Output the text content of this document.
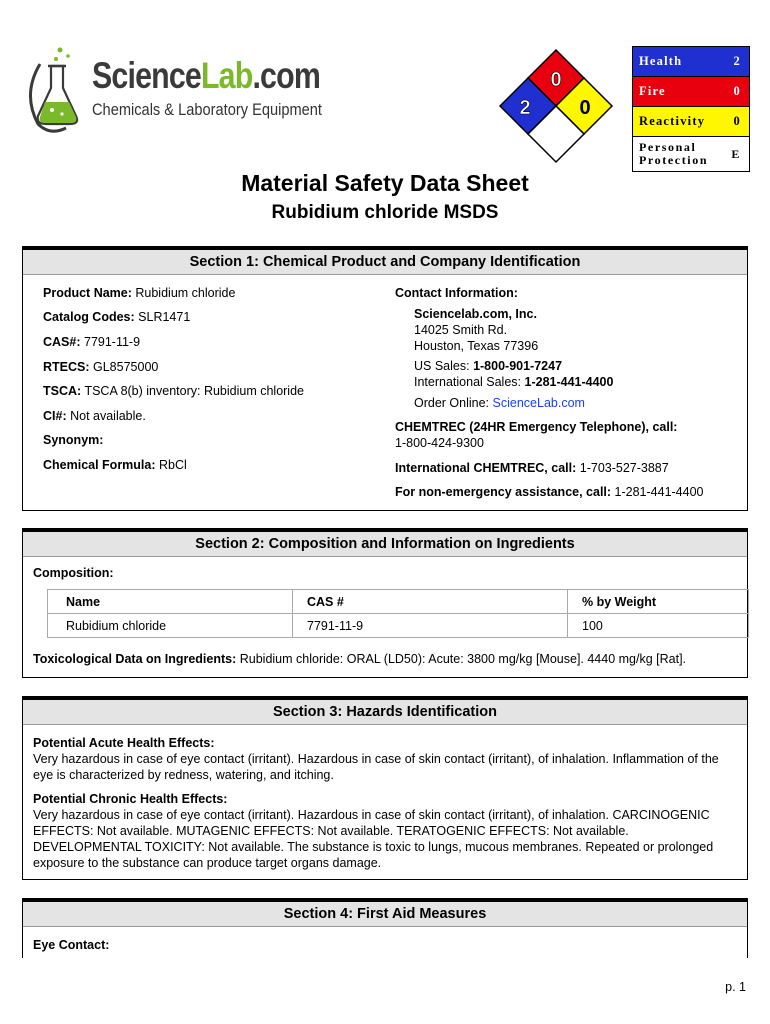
ScienceLab.com
Chemicals & Laboratory Equipment
0
2 0
Health	2
Fire	0
Reactivity 0
Personal
Protection	E
Material Safety Data Sheet
Rubidium chloride MSDS
Section 1: Chemical Product and Company Identification
Product Name: Rubidium chloride
Catalog Codes: SLR1471
CAS#: 7791-11-9
RTECS: GL8575000
TSCA: TSCA 8(b) inventory: Rubidium chloride
CI#: Not available.
Synonym:
Chemical Formula: RbCl
Contact Information:
Sciencelab.com, Inc.
14025 Smith Rd.
Houston, Texas 77396
US Sales: 1-800-901-7247
International Sales: 1-281-441-4400
Order Online: ScienceLab.com
CHEMTREC (24HR Emergency Telephone), call:
1-800-424-9300
International CHEMTREC, call: 1-703-527-3887
For non-emergency assistance, call: 1-281-441-4400
Section 2: Composition and Information on Ingredients
Composition:
Name	CAS #	% by Weight
Rubidium chloride	7791-11-9	100
Toxicological Data on Ingredients: Rubidium chloride: ORAL (LD50): Acute: 3800 mg/kg [Mouse]. 4440 mg/kg [Rat].
Section 3: Hazards Identification
Potential Acute Health Effects:
Very hazardous in case of eye contact (irritant). Hazardous in case of skin contact (irritant), of inhalation. Inflammation of the
eye is characterized by redness, watering, and itching.
Potential Chronic Health Effects:
Very hazardous in case of eye contact (irritant). Hazardous in case of skin contact (irritant), of inhalation. CARCINOGENIC
EFFECTS: Not available. MUTAGENIC EFFECTS: Not available. TERATOGENIC EFFECTS: Not available.
DEVELOPMENTAL TOXICITY: Not available. The substance is toxic to lungs, mucous membranes. Repeated or prolonged
exposure to the substance can produce target organs damage.
Section 4: First Aid Measures
Eye Contact:
p. 1
